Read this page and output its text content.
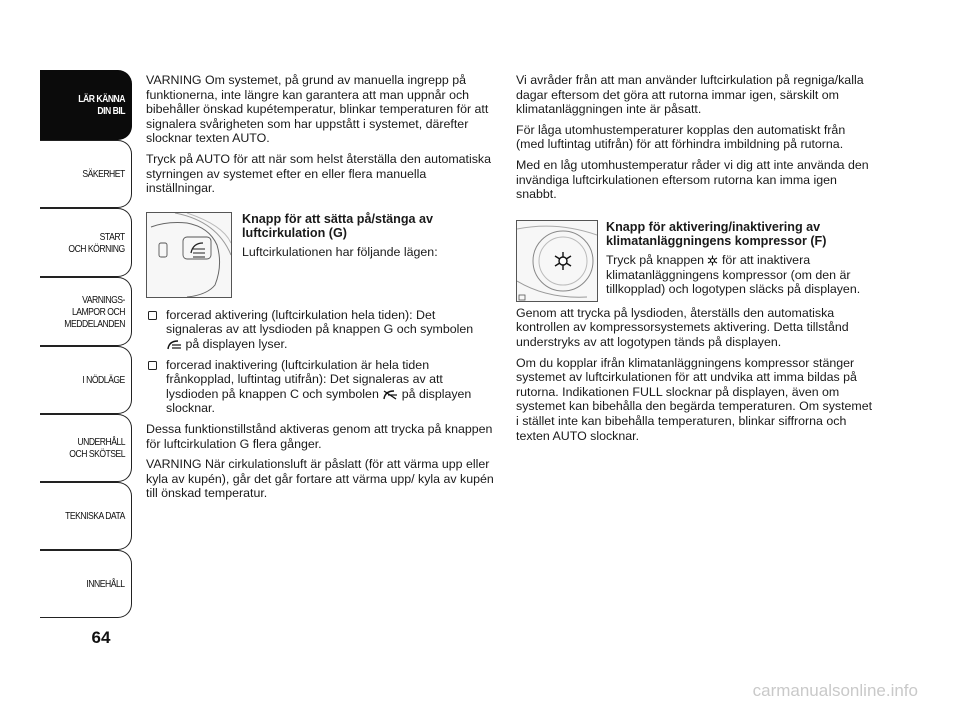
LÄR KÄNNA
DIN BIL
SÄKERHET
START
OCH KÖRNING
VARNINGS-
LAMPOR OCH
MEDDELANDEN
I NÖDLÄGE
UNDERHÅLL
OCH SKÖTSEL
TEKNISKA DATA
INNEHÅLL
64

VARNING Om systemet, på grund av manuella ingrepp på funktionerna, inte längre kan garantera att man uppnår och bibehåller önskad kupétemperatur, blinkar temperaturen för att signalera svårigheten som har uppstått i systemet, därefter slocknar texten AUTO.

Tryck på AUTO för att när som helst återställa den automatiska styrningen av systemet efter en eller flera manuella inställningar.

Knapp för att sätta på/stänga av luftcirkulation (G)

Luftcirkulationen har följande lägen:

forcerad aktivering (luftcirkulation hela tiden): Det signaleras av att lysdioden på knappen G och symbolen
på displayen lyser.
forcerad inaktivering (luftcirkulation är hela tiden frånkopplad, luftintag utifrån): Det signaleras av att lysdioden på knappen C och symbolen på displayen slocknar.

Dessa funktionstillstånd aktiveras genom att trycka på knappen för luftcirkulation G flera gånger.

VARNING När cirkulationsluft är påslatt (för att värma upp eller kyla av kupén), går det går fortare att värma upp/ kyla av kupén till önskad temperatur.

Vi avråder från att man använder luftcirkulation på regniga/kalla dagar eftersom det göra att rutorna immar igen, särskilt om klimatanläggningen inte är påsatt.

För låga utomhustemperaturer kopplas den automatiskt från (med luftintag utifrån) för att förhindra imbildning på rutorna.

Med en låg utomhustemperatur råder vi dig att inte använda den invändiga luftcirkulationen eftersom rutorna kan imma igen snabbt.

Knapp för aktivering/inaktivering av klimatanläggningens kompressor (F)

Tryck på knappen för att inaktivera klimatanläggningens kompressor (om den är tillkopplad) och logotypen släcks på displayen.

Genom att trycka på lysdioden, återställs den automatiska kontrollen av kompressorsystemets aktivering. Detta tillstånd understryks av att logotypen tänds på displayen.

Om du kopplar ifrån klimatanläggningens kompressor stänger systemet av luftcirkulationen för att undvika att imma bildas på rutorna. Indikationen FULL slocknar på displayen, även om systemet kan bibehålla den begärda temperaturen. Om systemet i stället inte kan bibehålla temperaturen, blinkar siffrorna och texten AUTO slocknar.

carmanualsonline.info
